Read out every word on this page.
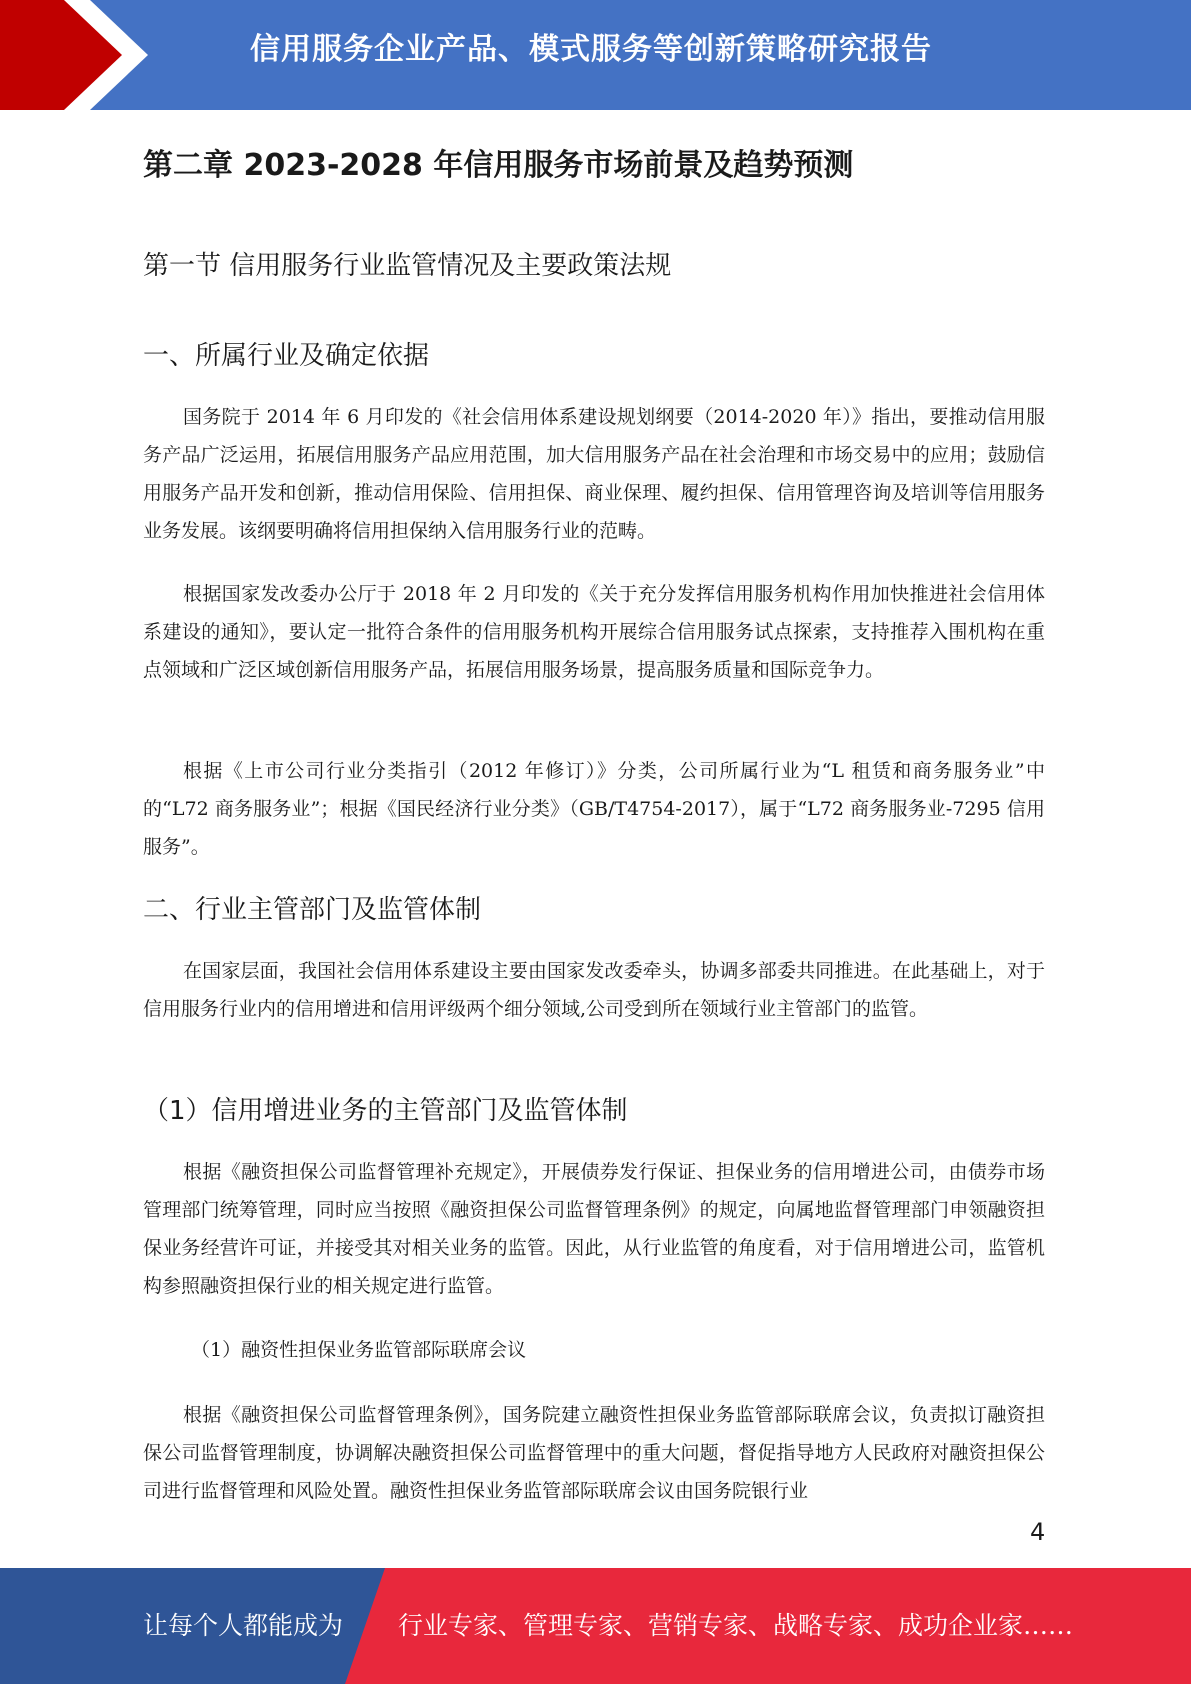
信用服务企业产品、模式服务等创新策略研究报告
第二章 2023-2028 年信用服务市场前景及趋势预测
第一节 信用服务行业监管情况及主要政策法规
一、所属行业及确定依据
国务院于 2014 年 6 月印发的《社会信用体系建设规划纲要（2014-2020 年）》指出，要推动信用服务产品广泛运用，拓展信用服务产品应用范围，加大信用服务产品在社会治理和市场交易中的应用；鼓励信用服务产品开发和创新，推动信用保险、信用担保、商业保理、履约担保、信用管理咨询及培训等信用服务业务发展。该纲要明确将信用担保纳入信用服务行业的范畴。
根据国家发改委办公厅于 2018 年 2 月印发的《关于充分发挥信用服务机构作用加快推进社会信用体系建设的通知》，要认定一批符合条件的信用服务机构开展综合信用服务试点探索，支持推荐入围机构在重点领域和广泛区域创新信用服务产品，拓展信用服务场景，提高服务质量和国际竞争力。
根据《上市公司行业分类指引（2012 年修订）》分类，公司所属行业为“L 租赁和商务服务业”中的“L72 商务服务业”；根据《国民经济行业分类》（GB/T4754-2017），属于“L72 商务服务业-7295 信用服务”。
二、行业主管部门及监管体制
在国家层面，我国社会信用体系建设主要由国家发改委牵头，协调多部委共同推进。在此基础上，对于信用服务行业内的信用增进和信用评级两个细分领域,公司受到所在领域行业主管部门的监管。
（1）信用增进业务的主管部门及监管体制
根据《融资担保公司监督管理补充规定》，开展债券发行保证、担保业务的信用增进公司，由债券市场管理部门统筹管理，同时应当按照《融资担保公司监督管理条例》的规定，向属地监督管理部门申领融资担保业务经营许可证，并接受其对相关业务的监管。因此，从行业监管的角度看，对于信用增进公司，监管机构参照融资担保行业的相关规定进行监管。
（1）融资性担保业务监管部际联席会议
根据《融资担保公司监督管理条例》，国务院建立融资性担保业务监管部际联席会议，负责拟订融资担保公司监督管理制度，协调解决融资担保公司监督管理中的重大问题，督促指导地方人民政府对融资担保公司进行监督管理和风险处置。融资性担保业务监管部际联席会议由国务院银行业
4
让每个人都能成为 行业专家、管理专家、营销专家、战略专家、成功企业家……
